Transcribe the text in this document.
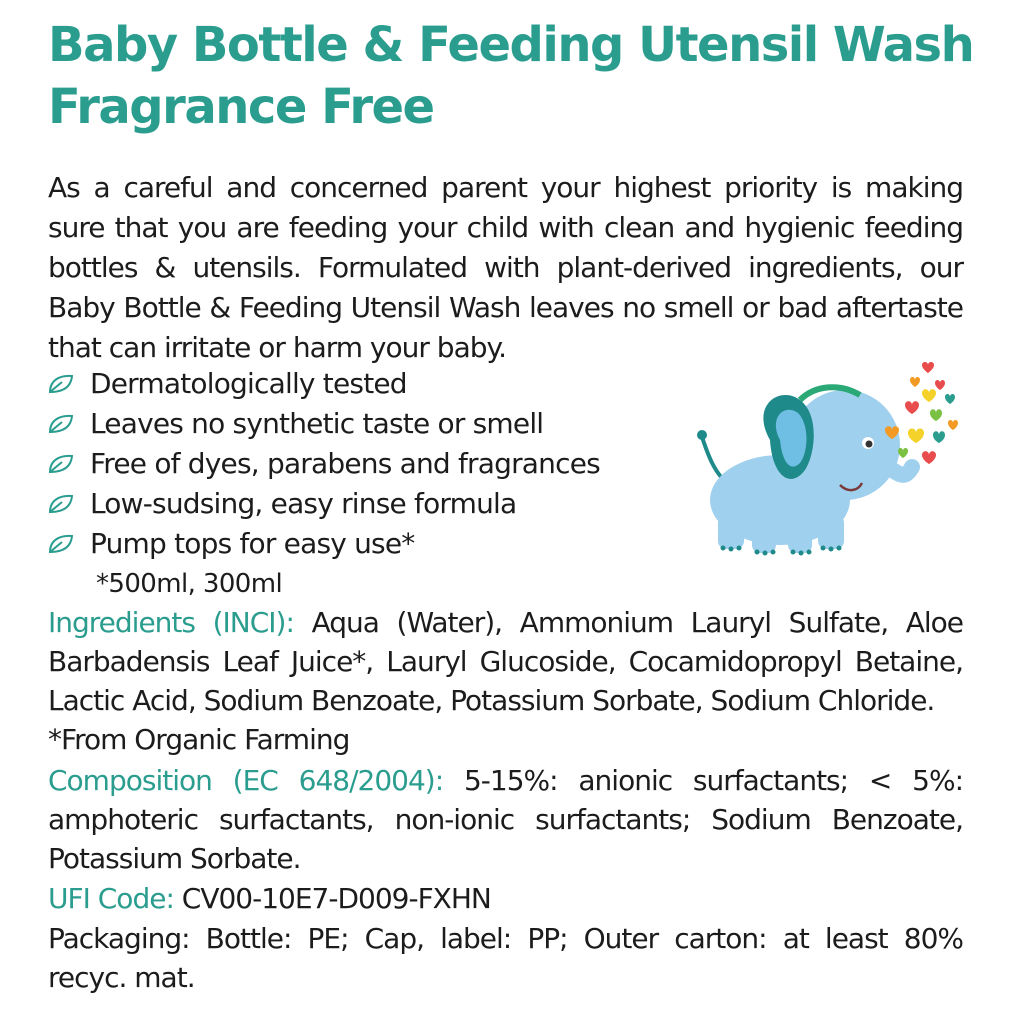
Baby Bottle & Feeding Utensil Wash
Fragrance Free

As a careful and concerned parent your highest priority is making sure that you are feeding your child with clean and hygienic feeding bottles & utensils. Formulated with plant-derived ingredients, our Baby Bottle & Feeding Utensil Wash leaves no smell or bad aftertaste that can irritate or harm your baby.

Dermatologically tested
Leaves no synthetic taste or smell
Free of dyes, parabens and fragrances
Low-sudsing, easy rinse formula
Pump tops for easy use*
*500ml, 300ml

Ingredients (INCI): Aqua (Water), Ammonium Lauryl Sulfate, Aloe Barbadensis Leaf Juice*, Lauryl Glucoside, Cocamidopropyl Betaine, Lactic Acid, Sodium Benzoate, Potassium Sorbate, Sodium Chloride.
*From Organic Farming

Composition (EC 648/2004): 5-15%: anionic surfactants; < 5%: amphoteric surfactants, non-ionic surfactants; Sodium Benzoate, Potassium Sorbate.

UFI Code: CV00-10E7-D009-FXHN

Packaging: Bottle: PE; Cap, label: PP; Outer carton: at least 80% recyc. mat.
